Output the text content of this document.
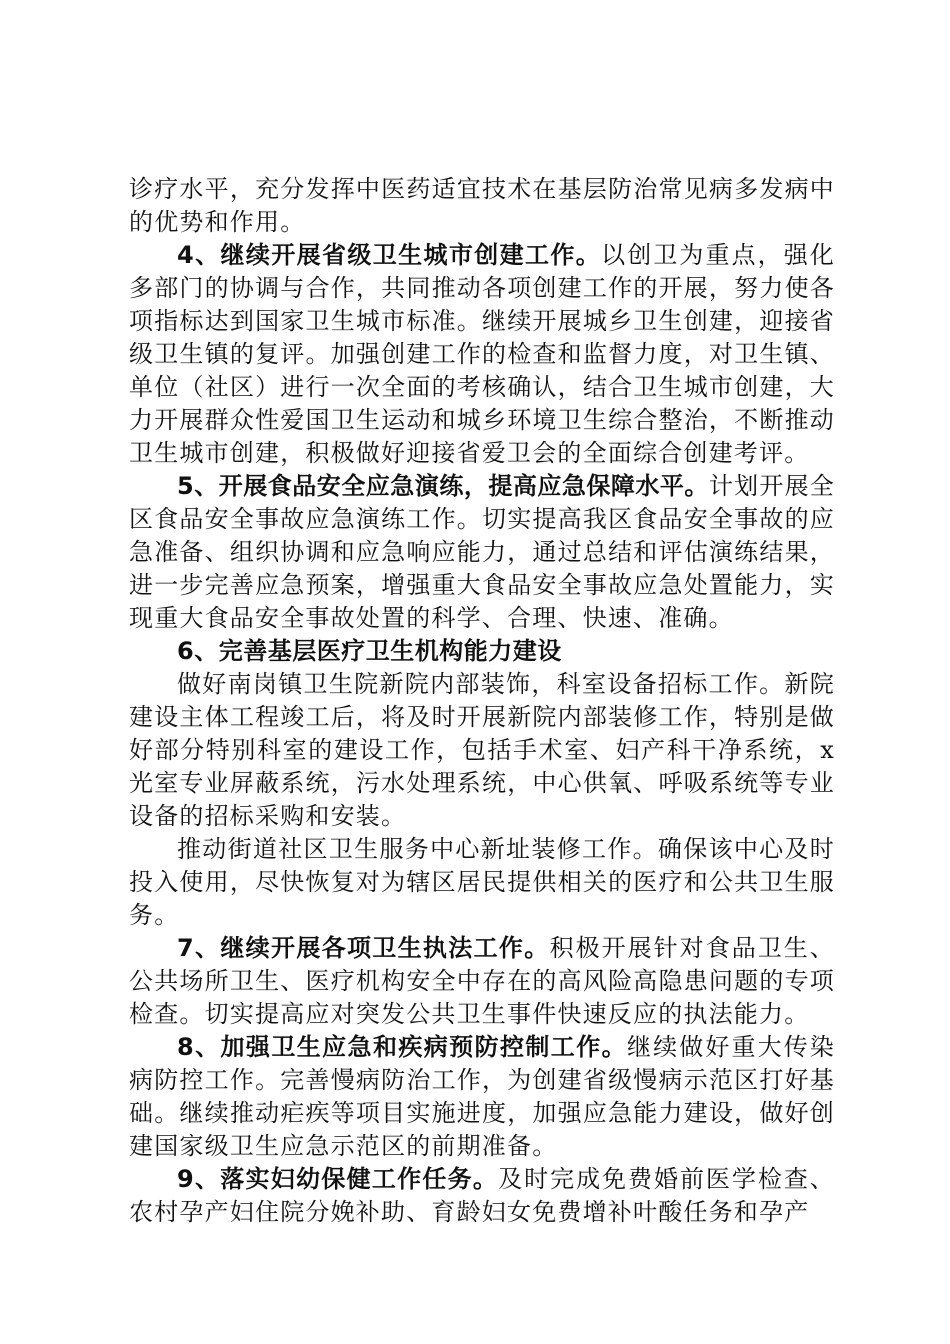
诊疗水平，充分发挥中医药适宜技术在基层防治常见病多发病中的优势和作用。

4、继续开展省级卫生城市创建工作。以创卫为重点，强化多部门的协调与合作，共同推动各项创建工作的开展，努力使各项指标达到国家卫生城市标准。继续开展城乡卫生创建，迎接省级卫生镇的复评。加强创建工作的检查和监督力度，对卫生镇、单位（社区）进行一次全面的考核确认，结合卫生城市创建，大力开展群众性爱国卫生运动和城乡环境卫生综合整治，不断推动卫生城市创建，积极做好迎接省爱卫会的全面综合创建考评。

5、开展食品安全应急演练，提高应急保障水平。计划开展全区食品安全事故应急演练工作。切实提高我区食品安全事故的应急准备、组织协调和应急响应能力，通过总结和评估演练结果，进一步完善应急预案，增强重大食品安全事故应急处置能力，实现重大食品安全事故处置的科学、合理、快速、准确。

6、完善基层医疗卫生机构能力建设

做好南岗镇卫生院新院内部装饰，科室设备招标工作。新院建设主体工程竣工后，将及时开展新院内部装修工作，特别是做好部分特别科室的建设工作，包括手术室、妇产科干净系统，x光室专业屏蔽系统，污水处理系统，中心供氧、呼吸系统等专业设备的招标采购和安装。

推动街道社区卫生服务中心新址装修工作。确保该中心及时投入使用，尽快恢复对为辖区居民提供相关的医疗和公共卫生服务。

7、继续开展各项卫生执法工作。积极开展针对食品卫生、公共场所卫生、医疗机构安全中存在的高风险高隐患问题的专项检查。切实提高应对突发公共卫生事件快速反应的执法能力。

8、加强卫生应急和疾病预防控制工作。继续做好重大传染病防控工作。完善慢病防治工作，为创建省级慢病示范区打好基础。继续推动疟疾等项目实施进度，加强应急能力建设，做好创建国家级卫生应急示范区的前期准备。

9、落实妇幼保健工作任务。及时完成免费婚前医学检查、农村孕产妇住院分娩补助、育龄妇女免费增补叶酸任务和孕产
